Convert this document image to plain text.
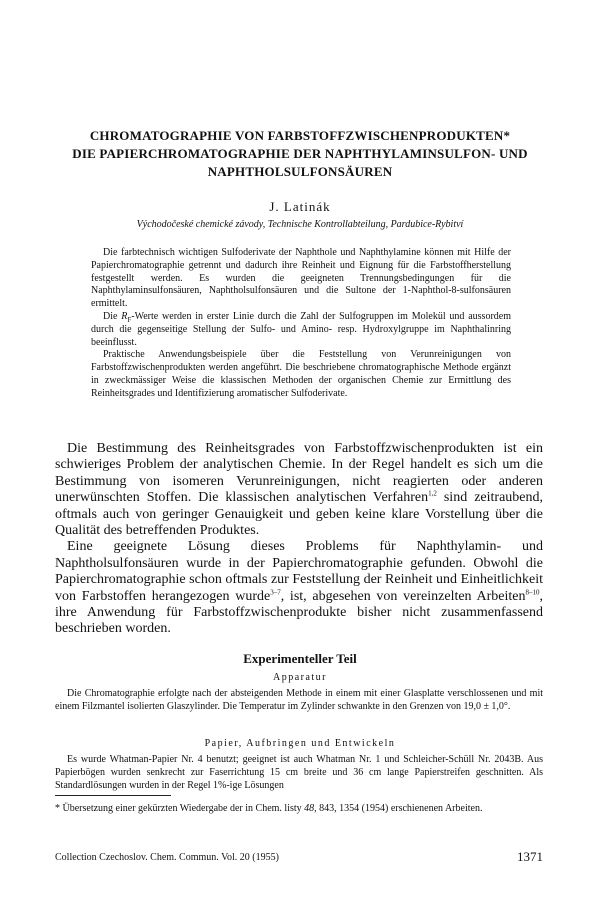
CHROMATOGRAPHIE VON FARBSTOFFZWISCHENPRODUKTEN*
DIE PAPIERCHROMATOGRAPHIE DER NAPHTHYLAMINSULFON- UND
NAPHTHOLSULFONSÄUREN
J. Latinák
Východočeské chemické závody, Technische Kontrollabteilung, Pardubice-Rybitví

Die farbtechnisch wichtigen Sulfoderivate der Naphthole und Naphthylamine können mit Hilfe der Papierchromatographie getrennt und dadurch ihre Reinheit und Eignung für die Farbstoffherstellung festgestellt werden. Es wurden die geeigneten Trennungsbedingungen für die Naphthylaminsulfonsäuren, Naphtholsulfonsäuren und die Sultone der 1-Naphthol-8-sulfonsäuren ermittelt.

Die $R_F$-Werte werden in erster Linie durch die Zahl der Sulfogruppen im Molekül und aussordem durch die gegenseitige Stellung der Sulfo- und Amino- resp. Hydroxylgruppe im Naphthalinring beeinflusst.

Praktische Anwendungsbeispiele über die Feststellung von Verunreinigungen von Farbstoffzwischenprodukten werden angeführt. Die beschriebene chromatographische Methode ergänzt in zweckmässiger Weise die klassischen Methoden der organischen Chemie zur Ermittlung des Reinheitsgrades und Identifizierung aromatischer Sulfoderivate.

Die Bestimmung des Reinheitsgrades von Farbstoffzwischenprodukten ist ein schwieriges Problem der analytischen Chemie. In der Regel handelt es sich um die Bestimmung von isomeren Verunreinigungen, nicht reagierten oder anderen unerwünschten Stoffen. Die klassischen analytischen Verfahren$^{1,2}$ sind zeitraubend, oftmals auch von geringer Genauigkeit und geben keine klare Vorstellung über die Qualität des betreffenden Produktes.

Eine geeignete Lösung dieses Problems für Naphthylamin- und Naphtholsulfonsäuren wurde in der Papierchromatographie gefunden. Obwohl die Papierchromatographie schon oftmals zur Feststellung der Reinheit und Einheitlichkeit von Farbstoffen herangezogen wurde$^{3-7}$, ist, abgesehen von vereinzelten Arbeiten$^{8-10}$, ihre Anwendung für Farbstoffzwischenprodukte bisher nicht zusammenfassend beschrieben worden.

Experimenteller Teil
Apparatur

Die Chromatographie erfolgte nach der absteigenden Methode in einem mit einer Glasplatte verschlossenen und mit einem Filzmantel isolierten Glaszylinder. Die Temperatur im Zylinder schwankte in den Grenzen von 19,0 ± 1,0°.

Papier, Aufbringen und Entwickeln

Es wurde Whatman-Papier Nr. 4 benutzt; geeignet ist auch Whatman Nr. 1 und Schleicher-Schüll Nr. 2043B. Aus Papierbögen wurden senkrecht zur Faserrichtung 15 cm breite und 36 cm lange Papierstreifen geschnitten. Als Standardlösungen wurden in der Regel 1%-ige Lösungen

* Übersetzung einer gekürzten Wiedergabe der in Chem. listy 48, 843, 1354 (1954) erschienenen Arbeiten.
Collection Czechoslov. Chem. Commun. Vol. 20 (1955)	1371
